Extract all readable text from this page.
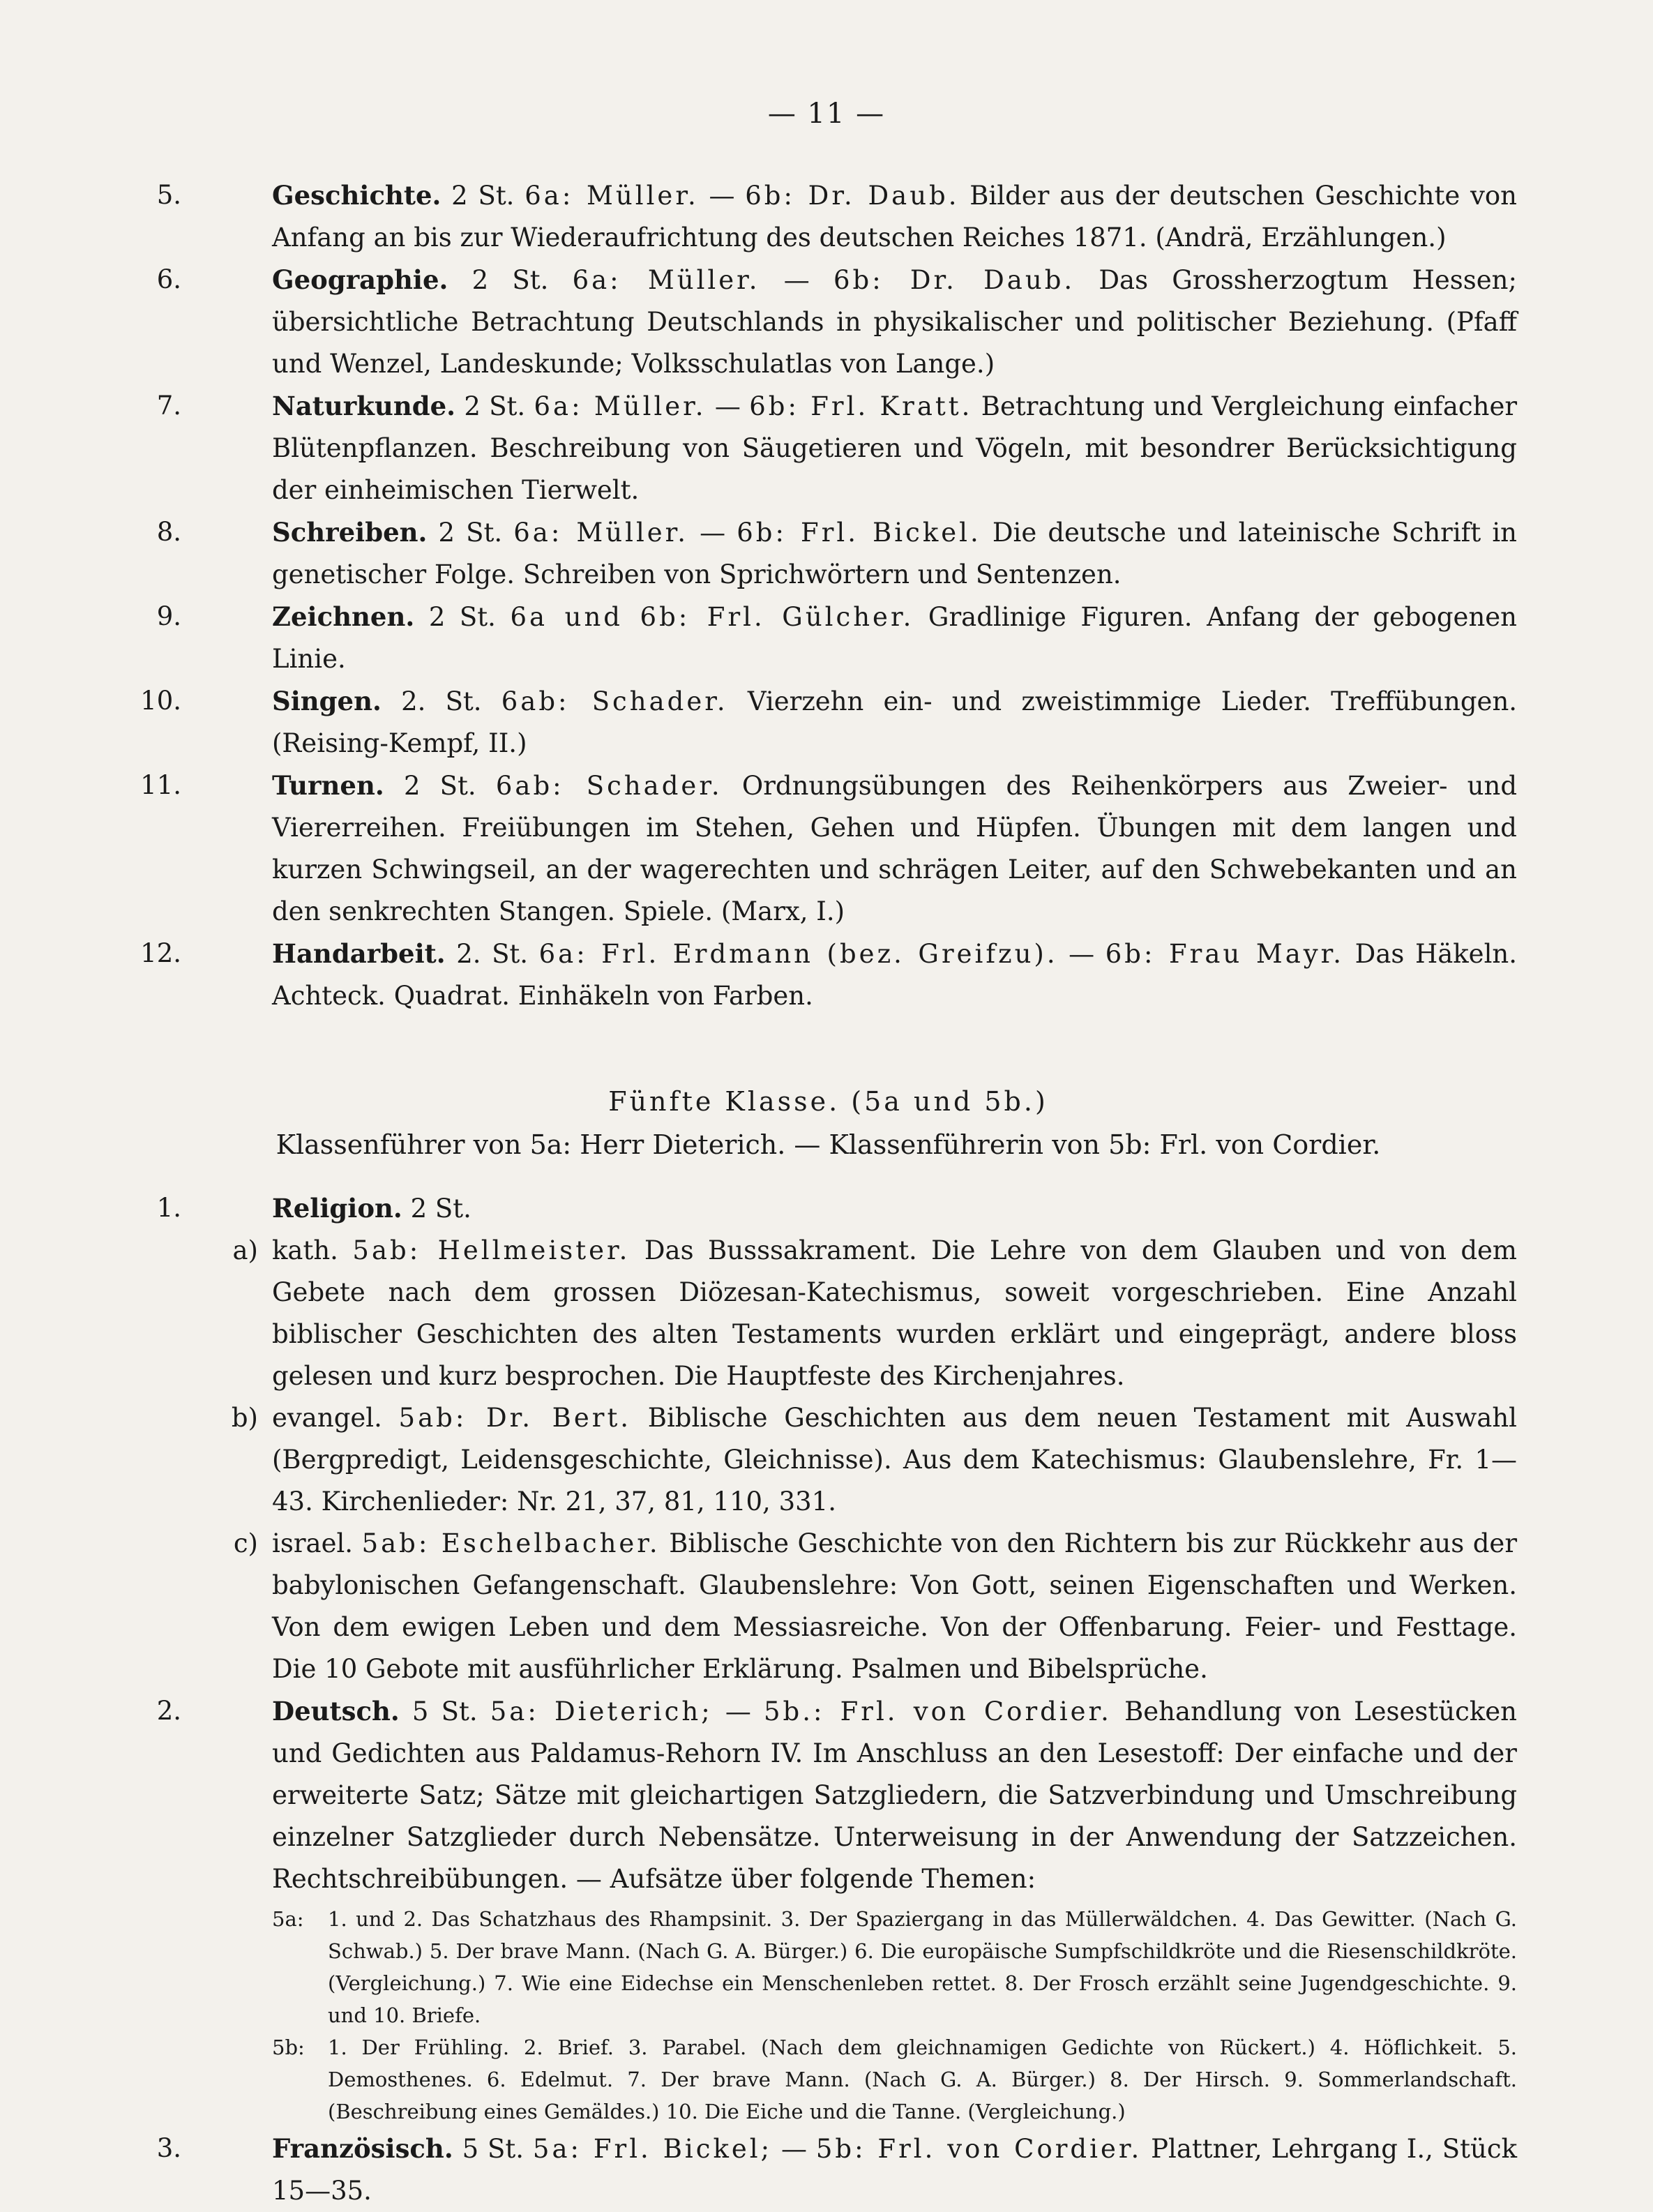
— 11 —
5.	Geschichte. 2 St. 6a: Müller. — 6b: Dr. Daub. Bilder aus der deutschen Geschichte von Anfang an bis zur Wiederaufrichtung des deutschen Reiches 1871. (Andrä, Erzählungen.)
6.	Geographie. 2 St. 6a: Müller. — 6b: Dr. Daub. Das Grossherzogtum Hessen; übersichtliche Betrachtung Deutschlands in physikalischer und politischer Beziehung. (Pfaff und Wenzel, Landeskunde; Volksschulatlas von Lange.)
7.	Naturkunde. 2 St. 6a: Müller. — 6b: Frl. Kratt. Betrachtung und Vergleichung einfacher Blütenpflanzen. Beschreibung von Säugetieren und Vögeln, mit besondrer Berücksichtigung der einheimischen Tierwelt.
8.	Schreiben. 2 St. 6a: Müller. — 6b: Frl. Bickel. Die deutsche und lateinische Schrift in genetischer Folge. Schreiben von Sprichwörtern und Sentenzen.
9.	Zeichnen. 2 St. 6a und 6b: Frl. Gülcher. Gradlinige Figuren. Anfang der gebogenen Linie.
10.	Singen. 2. St. 6ab: Schader. Vierzehn ein- und zweistimmige Lieder. Treffübungen. (Reising-Kempf, II.)
11.	Turnen. 2 St. 6ab: Schader. Ordnungsübungen des Reihenkörpers aus Zweier- und Viererreihen. Freiübungen im Stehen, Gehen und Hüpfen. Übungen mit dem langen und kurzen Schwingseil, an der wagerechten und schrägen Leiter, auf den Schwebekanten und an den senkrechten Stangen. Spiele. (Marx, I.)
12.	Handarbeit. 2. St. 6a: Frl. Erdmann (bez. Greifzu). — 6b: Frau Mayr. Das Häkeln. Achteck. Quadrat. Einhäkeln von Farben.
Fünfte Klasse. (5a und 5b.)
Klassenführer von 5a: Herr Dieterich. — Klassenführerin von 5b: Frl. von Cordier.
1.	Religion. 2 St.
a) kath. 5ab: Hellmeister. Das Busssakrament. Die Lehre von dem Glauben und von dem Gebete nach dem grossen Diözesan-Katechismus, soweit vorgeschrieben. Eine Anzahl biblischer Geschichten des alten Testaments wurden erklärt und eingeprägt, andere bloss gelesen und kurz besprochen. Die Hauptfeste des Kirchenjahres.
b) evangel. 5ab: Dr. Bert. Biblische Geschichten aus dem neuen Testament mit Auswahl (Bergpredigt, Leidensgeschichte, Gleichnisse). Aus dem Katechismus: Glaubenslehre, Fr. 1—43. Kirchenlieder: Nr. 21, 37, 81, 110, 331.
c) israel. 5ab: Eschelbacher. Biblische Geschichte von den Richtern bis zur Rückkehr aus der babylonischen Gefangenschaft. Glaubenslehre: Von Gott, seinen Eigenschaften und Werken. Von dem ewigen Leben und dem Messiasreiche. Von der Offenbarung. Feier- und Festtage. Die 10 Gebote mit ausführlicher Erklärung. Psalmen und Bibelsprüche.
2.	Deutsch. 5 St. 5a: Dieterich; — 5b.: Frl. von Cordier. Behandlung von Lesestücken und Gedichten aus Paldamus-Rehorn IV. Im Anschluss an den Lesestoff: Der einfache und der erweiterte Satz; Sätze mit gleichartigen Satzgliedern, die Satzverbindung und Umschreibung einzelner Satzglieder durch Nebensätze. Unterweisung in der Anwendung der Satzzeichen. Rechtschreibübungen. — Aufsätze über folgende Themen:
5a:	1. und 2. Das Schatzhaus des Rhampsinit. 3. Der Spaziergang in das Müllerwäldchen. 4. Das Gewitter. (Nach G. Schwab.) 5. Der brave Mann. (Nach G. A. Bürger.) 6. Die europäische Sumpfschildkröte und die Riesenschildkröte. (Vergleichung.) 7. Wie eine Eidechse ein Menschenleben rettet. 8. Der Frosch erzählt seine Jugendgeschichte. 9. und 10. Briefe.
5b:	1. Der Frühling. 2. Brief. 3. Parabel. (Nach dem gleichnamigen Gedichte von Rückert.) 4. Höflichkeit. 5. Demosthenes. 6. Edelmut. 7. Der brave Mann. (Nach G. A. Bürger.) 8. Der Hirsch. 9. Sommerlandschaft. (Beschreibung eines Gemäldes.) 10. Die Eiche und die Tanne. (Vergleichung.)
3.	Französisch. 5 St. 5a: Frl. Bickel; — 5b: Frl. von Cordier. Plattner, Lehrgang I., Stück 15—35.
